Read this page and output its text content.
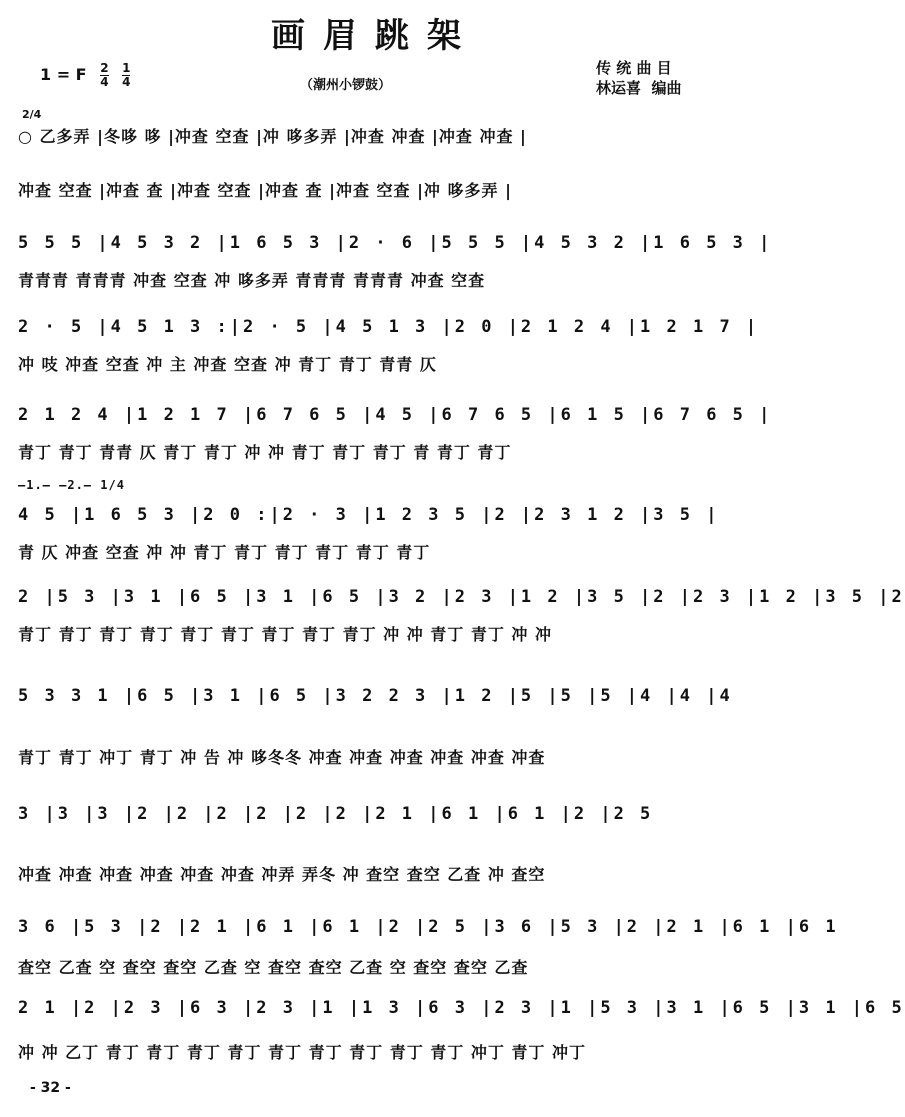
画眉跳架
1 = F $\frac{2}{4}$
$\frac{1}{4}$	（潮州小锣鼓）
传 统 曲 目
林运喜  编曲
2/4
○ 乙多弄 |冬哆 哆 |冲查 空查 |冲 哆多弄 |冲查 冲查 |冲查 冲查 |
冲查 空查 |冲查 查 |冲查 空查 |冲查 查 |冲查 空查 |冲 哆多弄 |
5 5 5 |4 5 3 2 |1 6 5 3 |2 · 6 |5 5 5 |4 5 3 2 |1 6 5 3 |
青青青 青青青 冲查 空查 冲 哆多弄 青青青 青青青 冲查 空查
2 · 5 |4 5 1 3 :|2 · 5 |4 5 1 3 |2 0 |2 1 2 4 |1 2 1 7 |
冲 吱 冲查 空查 冲 主 冲查 空查 冲 青丁 青丁 青青 仄
2 1 2 4 |1 2 1 7 |6 7 6 5 |4 5 |6 7 6 5 |6 1 5 |6 7 6 5 |
青丁 青丁 青青 仄 青丁 青丁 冲 冲 青丁 青丁 青丁 青 青丁 青丁
—1.— —2.— 1/4
4 5 |1 6 5 3 |2 0 :|2 · 3 |1 2 3 5 |2 |2 3 1 2 |3 5 |
青 仄 冲查 空查 冲 冲 青丁 青丁 青丁 青丁 青丁 青丁
2 |5 3 |3 1 |6 5 |3 1 |6 5 |3 2 |2 3 |1 2 |3 5 |2 |2 3 |1 2 |3 5 |2
青丁 青丁 青丁 青丁 青丁 青丁 青丁 青丁 青丁 冲 冲 青丁 青丁 冲 冲
5 3 3 1 |6 5 |3 1 |6 5 |3 2 2 3 |1 2 |5 |5 |5 |4 |4 |4
青丁 青丁 冲丁 青丁 冲 告 冲 哆冬冬 冲查 冲查 冲查 冲查 冲查 冲查
3 |3 |3 |2 |2 |2 |2 |2 |2 |2 1 |6 1 |6 1 |2 |2 5
冲查 冲查 冲查 冲查 冲查 冲查 冲弄 弄冬 冲 查空 查空 乙查 冲 查空
3 6 |5 3 |2 |2 1 |6 1 |6 1 |2 |2 5 |3 6 |5 3 |2 |2 1 |6 1 |6 1
查空 乙查 空 查空 查空 乙查 空 查空 查空 乙查 空 查空 查空 乙查
2 1 |2 |2 3 |6 3 |2 3 |1 |1 3 |6 3 |2 3 |1 |5 3 |3 1 |6 5 |3 1 |6 5
冲 冲 乙丁 青丁 青丁 青丁 青丁 青丁 青丁 青丁 青丁 青丁 冲丁 青丁 冲丁
- 32 -
